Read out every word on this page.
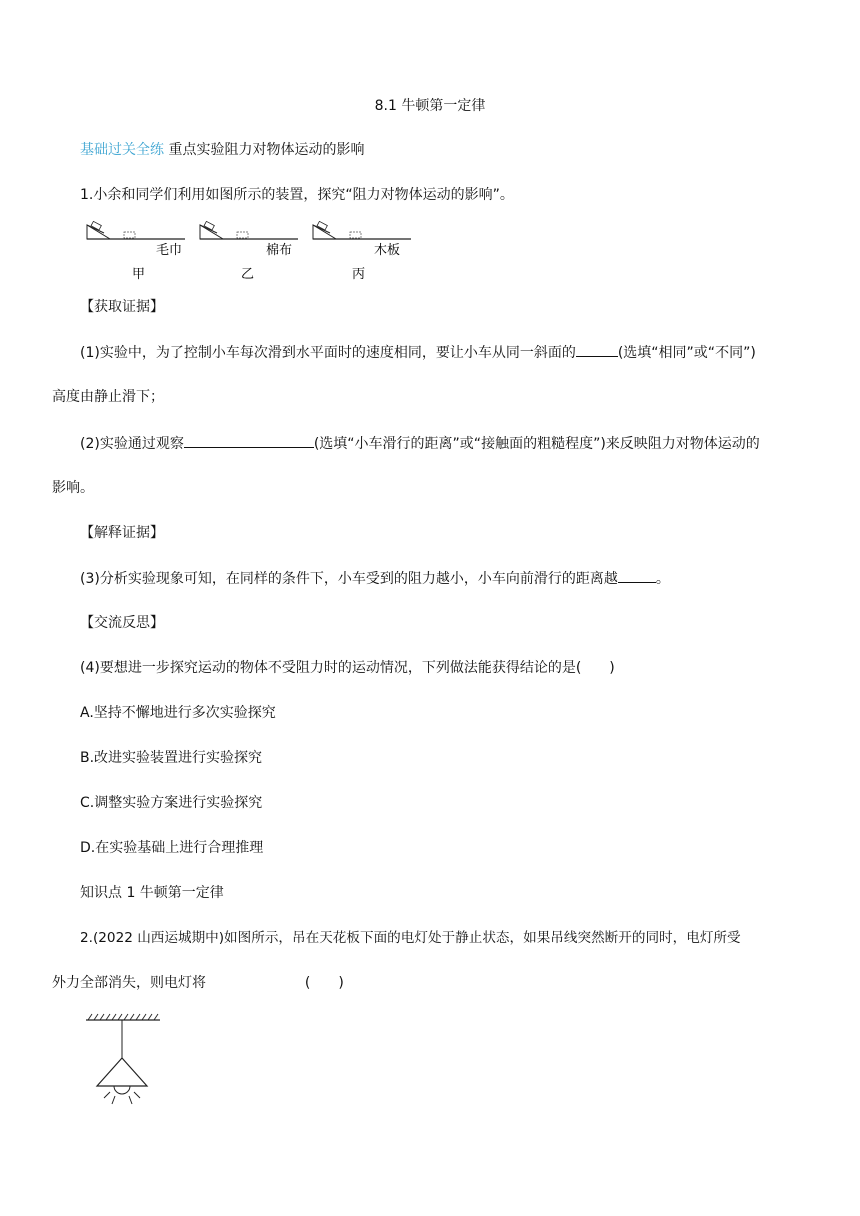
8.1 牛顿第一定律
基础过关全练 重点实验阻力对物体运动的影响
1.小余和同学们利用如图所示的装置，探究“阻力对物体运动的影响”。
毛巾
甲
棉布
乙
木板
丙
【获取证据】
(1)实验中，为了控制小车每次滑到水平面时的速度相同，要让小车从同一斜面的	(选填“相同”或“不同”)
高度由静止滑下；
(2)实验通过观察	(选填“小车滑行的距离”或“接触面的粗糙程度”)来反映阻力对物体运动的
影响。
【解释证据】
(3)分析实验现象可知，在同样的条件下，小车受到的阻力越小，小车向前滑行的距离越	。
【交流反思】
(4)要想进一步探究运动的物体不受阻力时的运动情况，下列做法能获得结论的是(　　)
A.坚持不懈地进行多次实验探究
B.改进实验装置进行实验探究
C.调整实验方案进行实验探究
D.在实验基础上进行合理推理
知识点 1 牛顿第一定律
2.(2022 山西运城期中)如图所示，吊在天花板下面的电灯处于静止状态，如果吊线突然断开的同时，电灯所受
外力全部消失，则电灯将	(　　)
